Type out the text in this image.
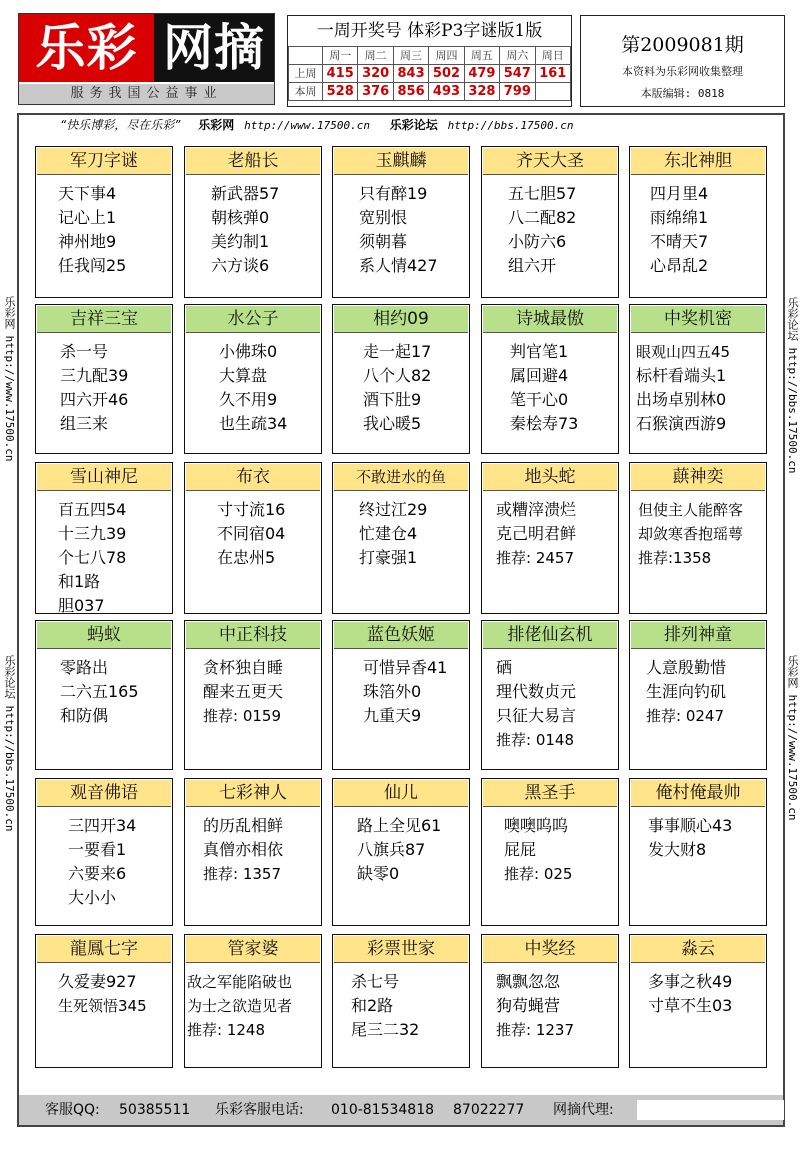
乐彩 网摘
服务我国公益事业
一周开奖号 体彩P3字谜版1版
	周一	周二	周三	周四	周五	周六	周日
上周	415	320	843	502	479	547	161
本周	528	376	856	493	328	799	
第2009081期
本资料为乐彩网收集整理
本版编辑: 0818
“快乐博彩，尽在乐彩” 乐彩网 http://www.17500.cn 乐彩论坛 http://bbs.17500.cn
乐彩网 http://www.17500.cn
乐彩论坛 http://bbs.17500.cn
乐彩论坛 http://bbs.17500.cn
乐彩网 http://www.17500.cn
军刀字谜
天下事4
记心上1
神州地9
任我闯25
老船长
新武器57
朝核弹0
美约制1
六方谈6
玉麒麟
只有醉19
宽别恨
须朝暮
系人情427
齐天大圣
五七胆57
八二配82
小防六6
组六开
东北神胆
四月里4
雨绵绵1
不晴天7
心昂乱2
吉祥三宝
杀一号
三九配39
四六开46
组三来
水公子
小佛珠0
大算盘
久不用9
也生疏34
相约09
走一起17
八个人82
酒下肚9
我心暖5
诗城最傲
判官笔1
属回避4
笔干心0
秦桧寿73
中奖机密
眼观山四五45
标杆看端头1
出场卓别林0
石猴演西游9
雪山神尼
百五四54
十三九39
个七八78
和1路
胆037
布衣
寸寸流16
不同宿04
在忠州5
不敢进水的鱼
终过江29
忙建仓4
打豪强1
地头蛇
或糟滓溃烂
克己明君鲜
推荐: 2457
蕻神奕
但使主人能醉客
却敛寒香抱瑶萼
推荐:1358
蚂蚁
零路出
二六五165
和防偶
中正科技
贪杯独自睡
醒来五更天
推荐: 0159
蓝色妖姬
可惜异香41
珠箔外0
九重天9
排佬仙玄机
硒
理代数贞元
只征大易言
推荐: 0148
排列神童
人意殷勤惜
生涯向钓矶
推荐: 0247
观音佛语
三四开34
一要看1
六要来6
大小小
七彩神人
的历乱相鲜
真僧亦相依
推荐: 1357
仙儿
路上全见61
八旗兵87
缺零0
黑圣手
噢噢呜呜
屁屁
推荐: 025
俺村俺最帅
事事顺心43
发大财8
龍鳳七字
久爱妻927
生死领悟345
管家婆
敌之军能陷破也
为士之欲造见者
推荐: 1248
彩票世家
杀七号
和2路
尾三二32
中奖经
飘飘忽忽
狗苟蝇营
推荐: 1237
淼云
多事之秋49
寸草不生03
客服QQ: 50385511 乐彩客服电话: 010-81534818 87022277 网摘代理:
